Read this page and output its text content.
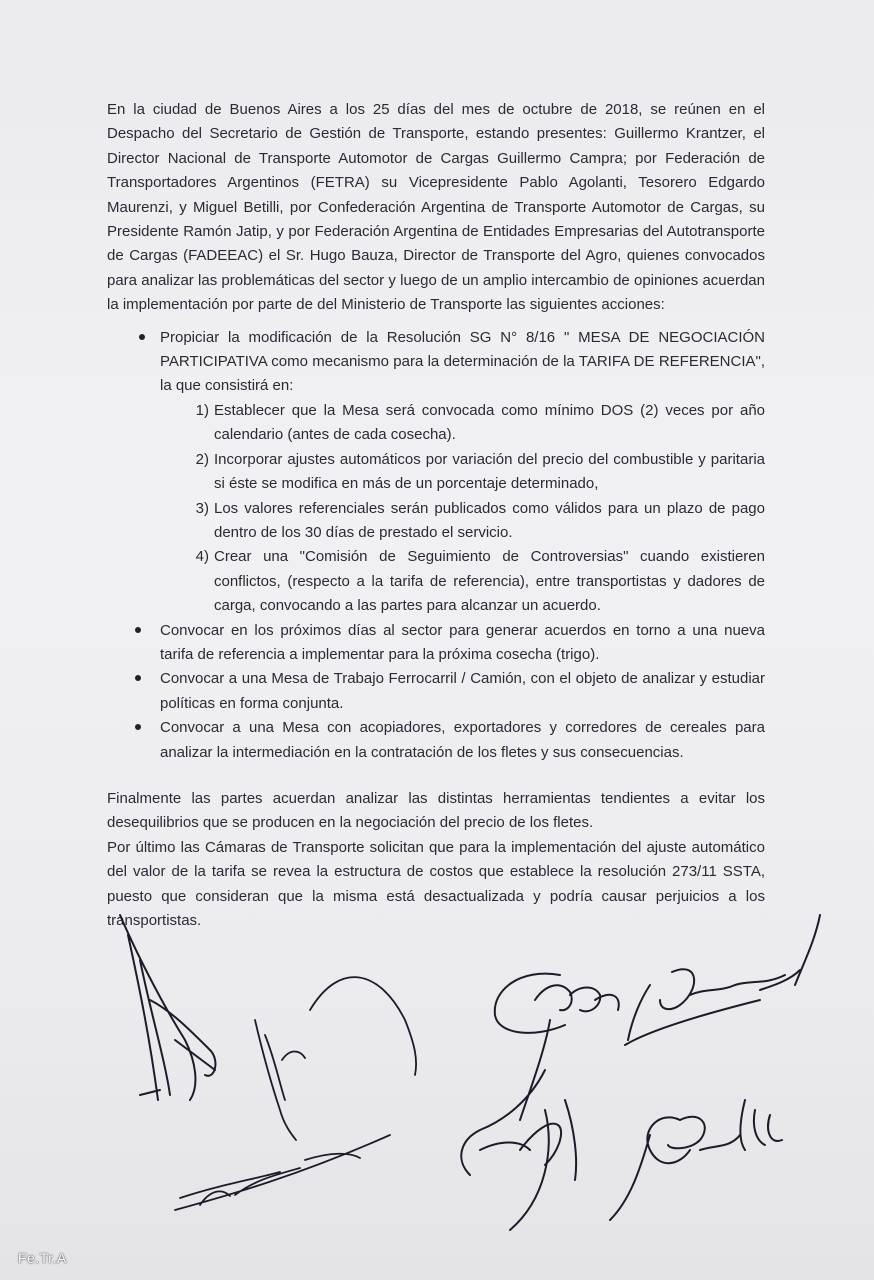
En la ciudad de Buenos Aires a los 25 días del mes de octubre de 2018, se reúnen en el Despacho del Secretario de Gestión de Transporte, estando presentes: Guillermo Krantzer, el Director Nacional de Transporte Automotor de Cargas Guillermo Campra; por Federación de Transportadores Argentinos (FETRA) su Vicepresidente Pablo Agolanti, Tesorero Edgardo Maurenzi, y Miguel Betilli, por Confederación Argentina de Transporte Automotor de Cargas, su Presidente Ramón Jatip, y por Federación Argentina de Entidades Empresarias del Autotransporte de Cargas (FADEEAC) el Sr. Hugo Bauza, Director de Transporte del Agro, quienes convocados para analizar las problemáticas del sector y luego de un amplio intercambio de opiniones acuerdan la implementación por parte de del Ministerio de Transporte las siguientes acciones:

Propiciar la modificación de la Resolución SG N° 8/16 " MESA DE NEGOCIACIÓN PARTICIPATIVA como mecanismo para la determinación de la TARIFA DE REFERENCIA", la que consistirá en:
1) Establecer que la Mesa será convocada como mínimo DOS (2) veces por año calendario (antes de cada cosecha).
2) Incorporar ajustes automáticos por variación del precio del combustible y paritaria si éste se modifica en más de un porcentaje determinado,
3) Los valores referenciales serán publicados como válidos para un plazo de pago dentro de los 30 días de prestado el servicio.
4) Crear una "Comisión de Seguimiento de Controversias" cuando existieren conflictos, (respecto a la tarifa de referencia), entre transportistas y dadores de carga, convocando a las partes para alcanzar un acuerdo.
Convocar en los próximos días al sector para generar acuerdos en torno a una nueva tarifa de referencia a implementar para la próxima cosecha (trigo).
Convocar a una Mesa de Trabajo Ferrocarril / Camión, con el objeto de analizar y estudiar políticas en forma conjunta.
Convocar a una Mesa con acopiadores, exportadores y corredores de cereales para analizar la intermediación en la contratación de los fletes y sus consecuencias.

Finalmente las partes acuerdan analizar las distintas herramientas tendientes a evitar los desequilibrios que se producen en la negociación del precio de los fletes.

Por último las Cámaras de Transporte solicitan que para la implementación del ajuste automático del valor de la tarifa se revea la estructura de costos que establece la resolución 273/11 SSTA, puesto que consideran que la misma está desactualizada y podría causar perjuicios a los transportistas.

Fe.Tr.A
